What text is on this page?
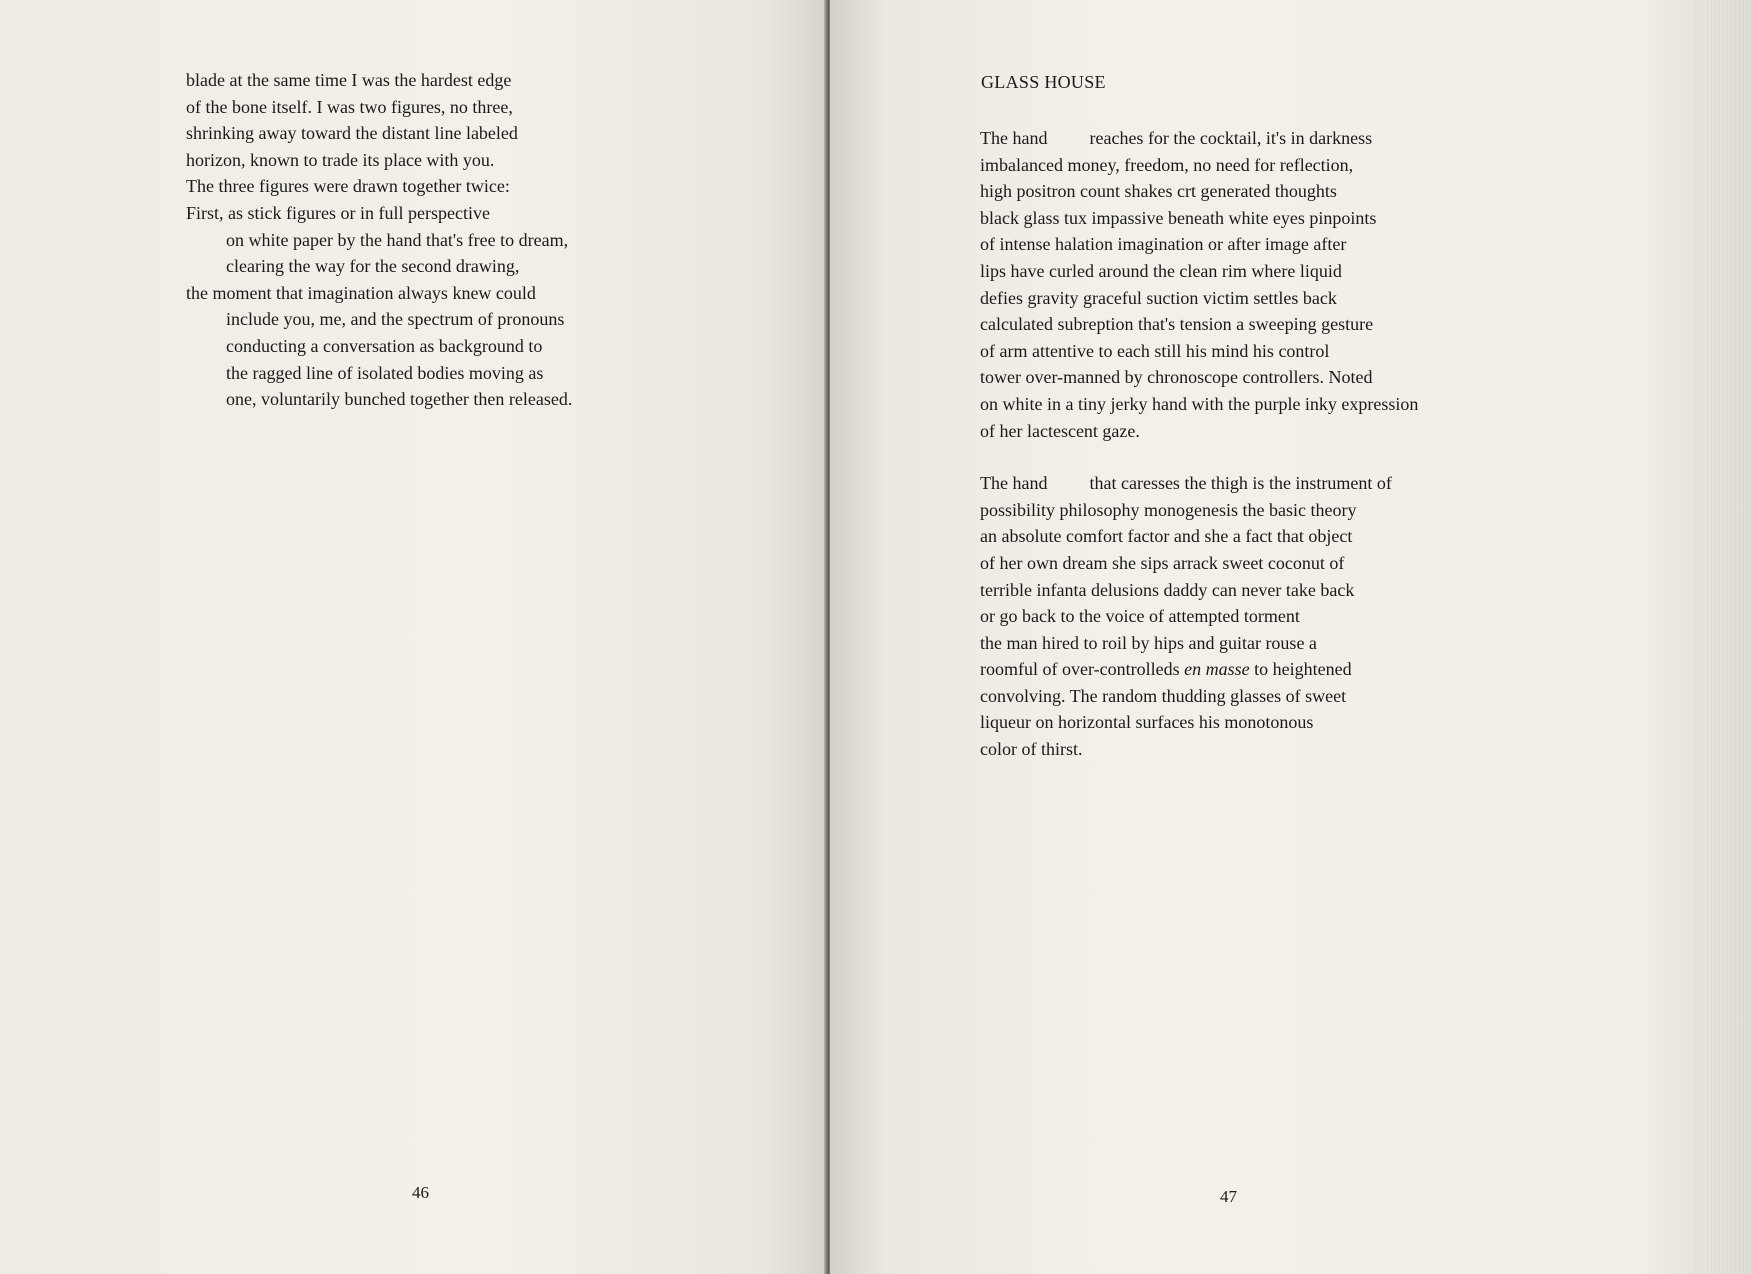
blade at the same time I was the hardest edge
of the bone itself. I was two figures, no three,
shrinking away toward the distant line labeled
horizon, known to trade its place with you.
The three figures were drawn together twice:
First, as stick figures or in full perspective
on white paper by the hand that's free to dream,
clearing the way for the second drawing,
the moment that imagination always knew could
include you, me, and the spectrum of pronouns
conducting a conversation as background to
the ragged line of isolated bodies moving as
one, voluntarily bunched together then released.
46
GLASS HOUSE
The hand reaches for the cocktail, it's in darkness
imbalanced money, freedom, no need for reflection,
high positron count shakes crt generated thoughts
black glass tux impassive beneath white eyes pinpoints
of intense halation imagination or after image after
lips have curled around the clean rim where liquid
defies gravity graceful suction victim settles back
calculated subreption that's tension a sweeping gesture
of arm attentive to each still his mind his control
tower over-manned by chronoscope controllers. Noted
on white in a tiny jerky hand with the purple inky expression
of her lactescent gaze.
The hand that caresses the thigh is the instrument of
possibility philosophy monogenesis the basic theory
an absolute comfort factor and she a fact that object
of her own dream she sips arrack sweet coconut of
terrible infanta delusions daddy can never take back
or go back to the voice of attempted torment
the man hired to roil by hips and guitar rouse a
roomful of over-controlleds en masse to heightened
convolving. The random thudding glasses of sweet
liqueur on horizontal surfaces his monotonous
color of thirst.
47
